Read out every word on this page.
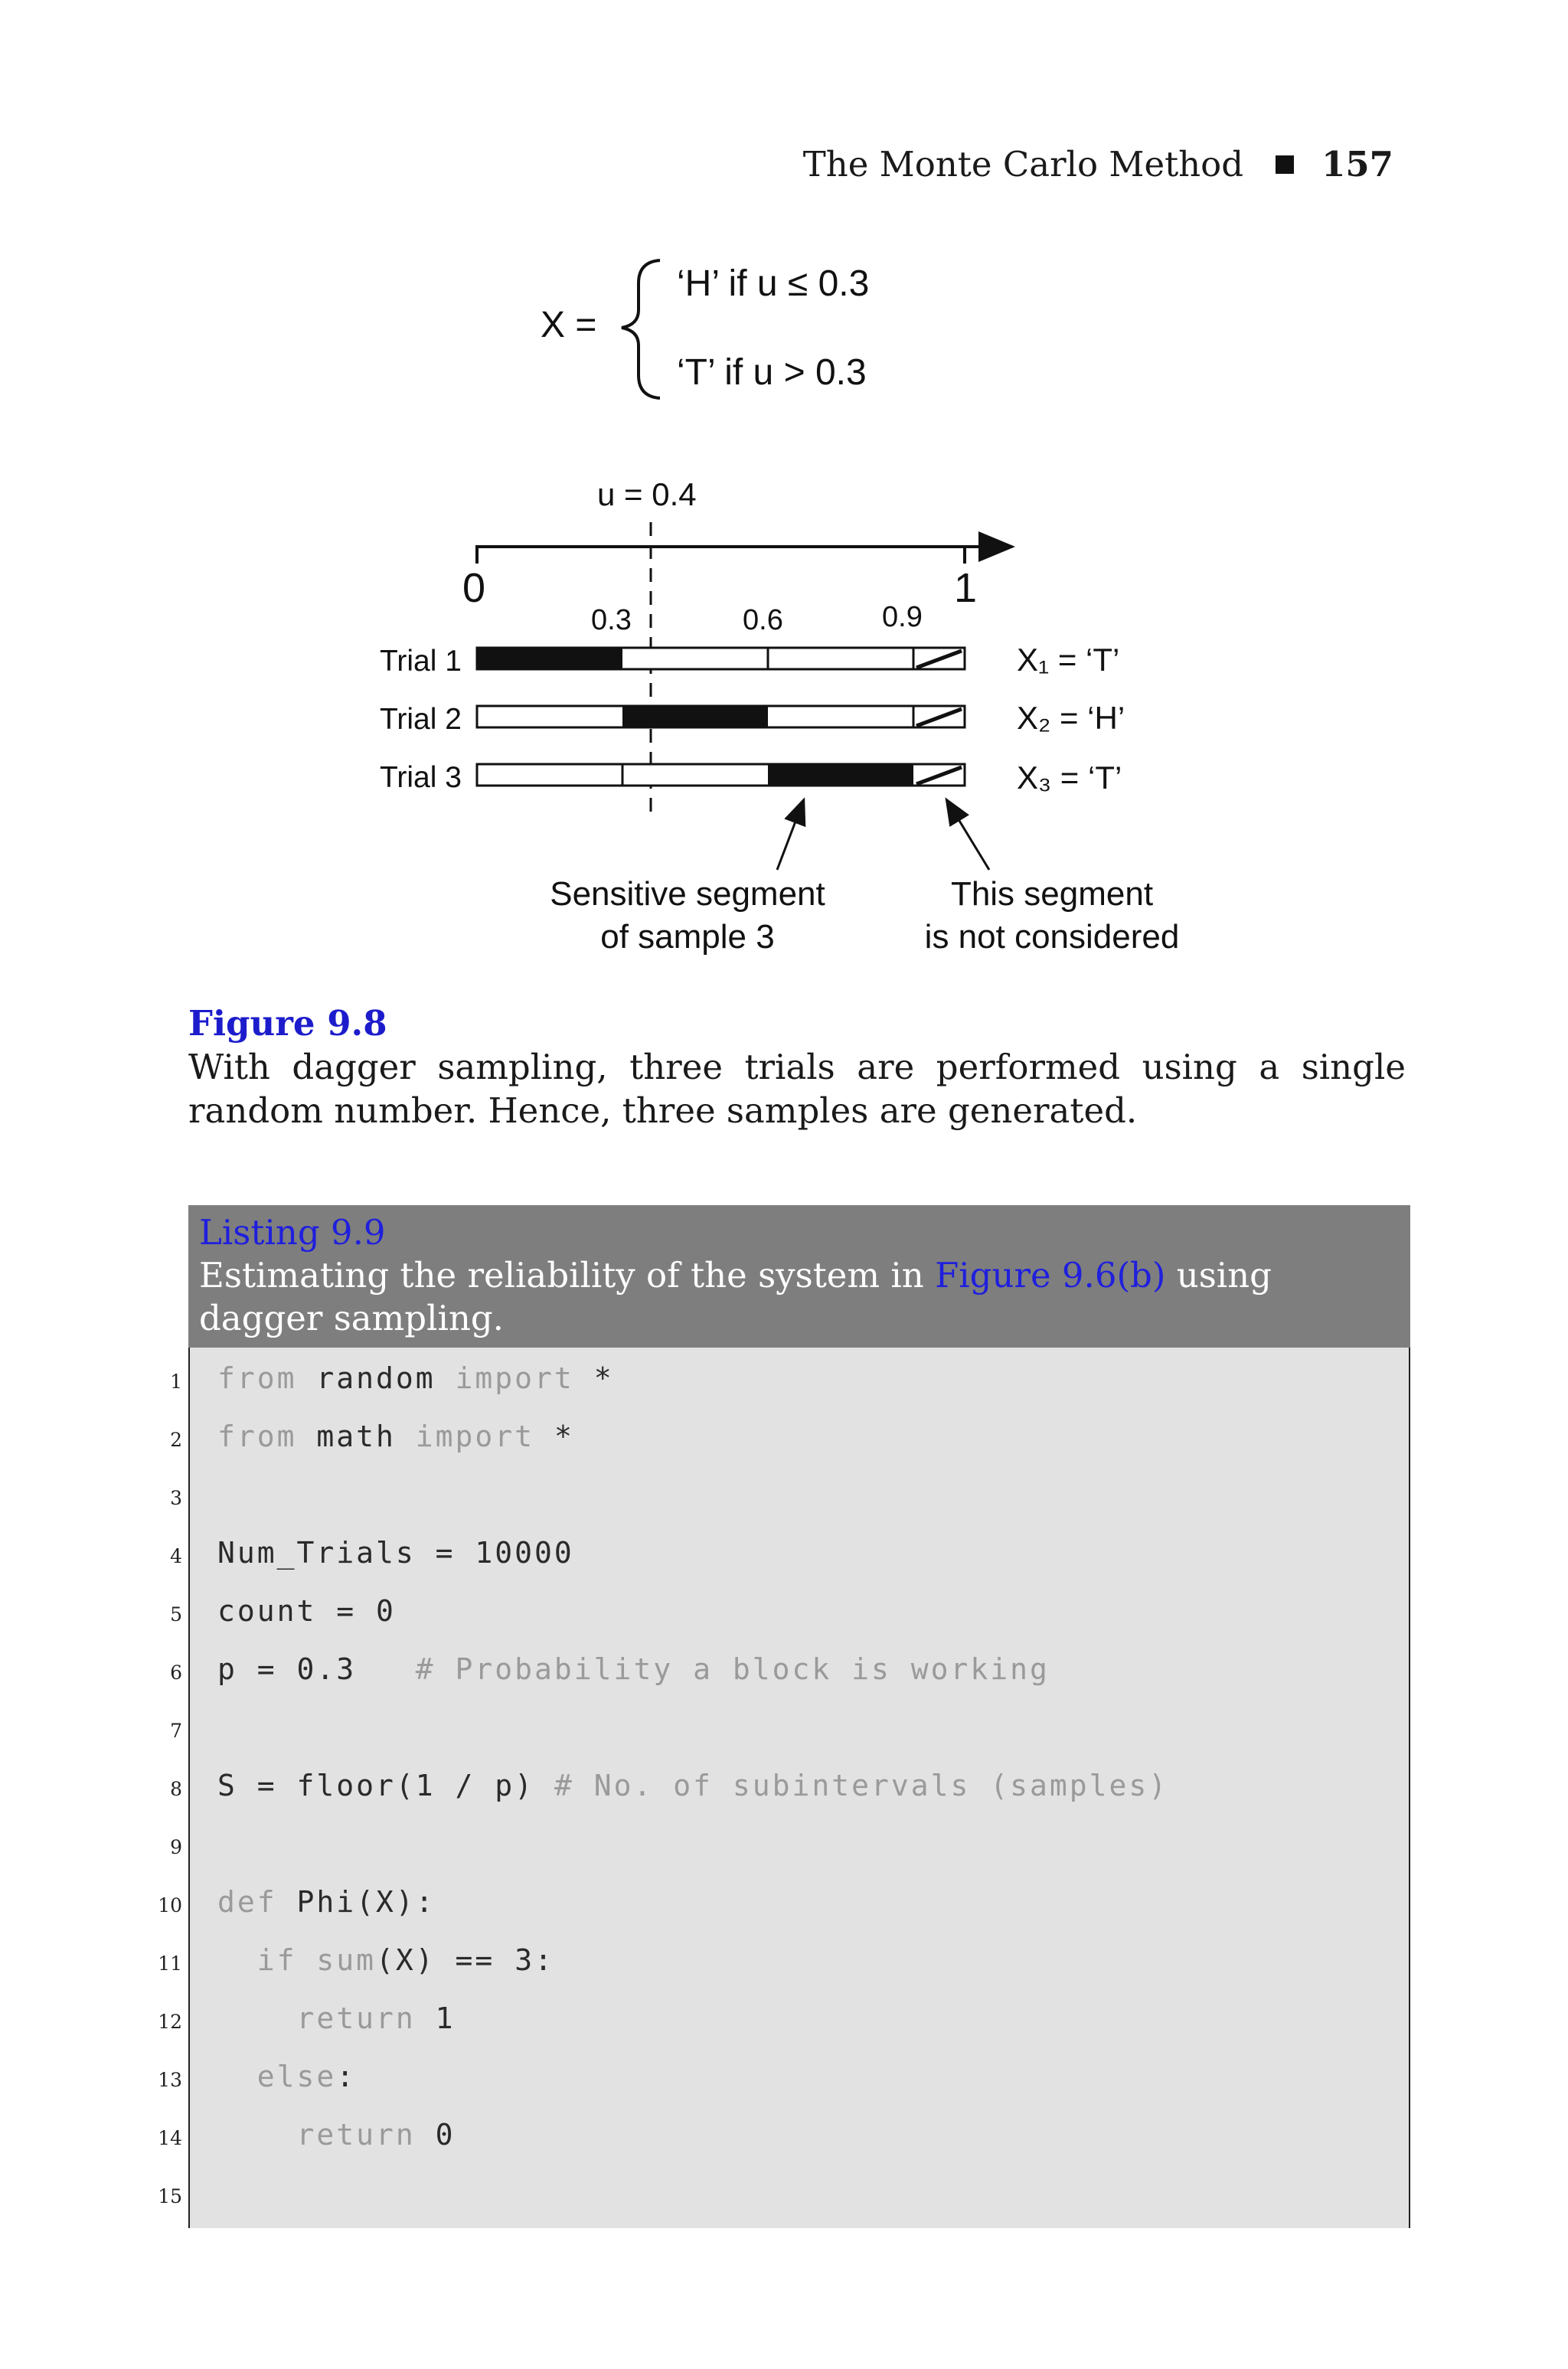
The Monte Carlo Method 157
X =
‘H’ if u ≤ 0.3
‘T’ if u > 0.3
u = 0.4
0	1
0.3	0.6	0.9
Trial 1	X₁ = ‘T’
Trial 2	X₂ = ‘H’
Trial 3	X₃ = ‘T’
Sensitive segment
of sample 3
This segment
is not considered
Figure 9.8
With dagger sampling, three trials are performed using a single random number. Hence, three samples are generated.
Listing 9.9
Estimating the reliability of the system in Figure 9.6(b) using dagger sampling.
1 from random import *
2 from math import *
3
4 Num_Trials = 10000
5 count = 0
6 p = 0.3   # Probability a block is working
7
8 S = floor(1 / p) # No. of subintervals (samples)
9
10 def Phi(X):
11	if sum(X) == 3:
12	return 1
13	else:
14	return 0
15
